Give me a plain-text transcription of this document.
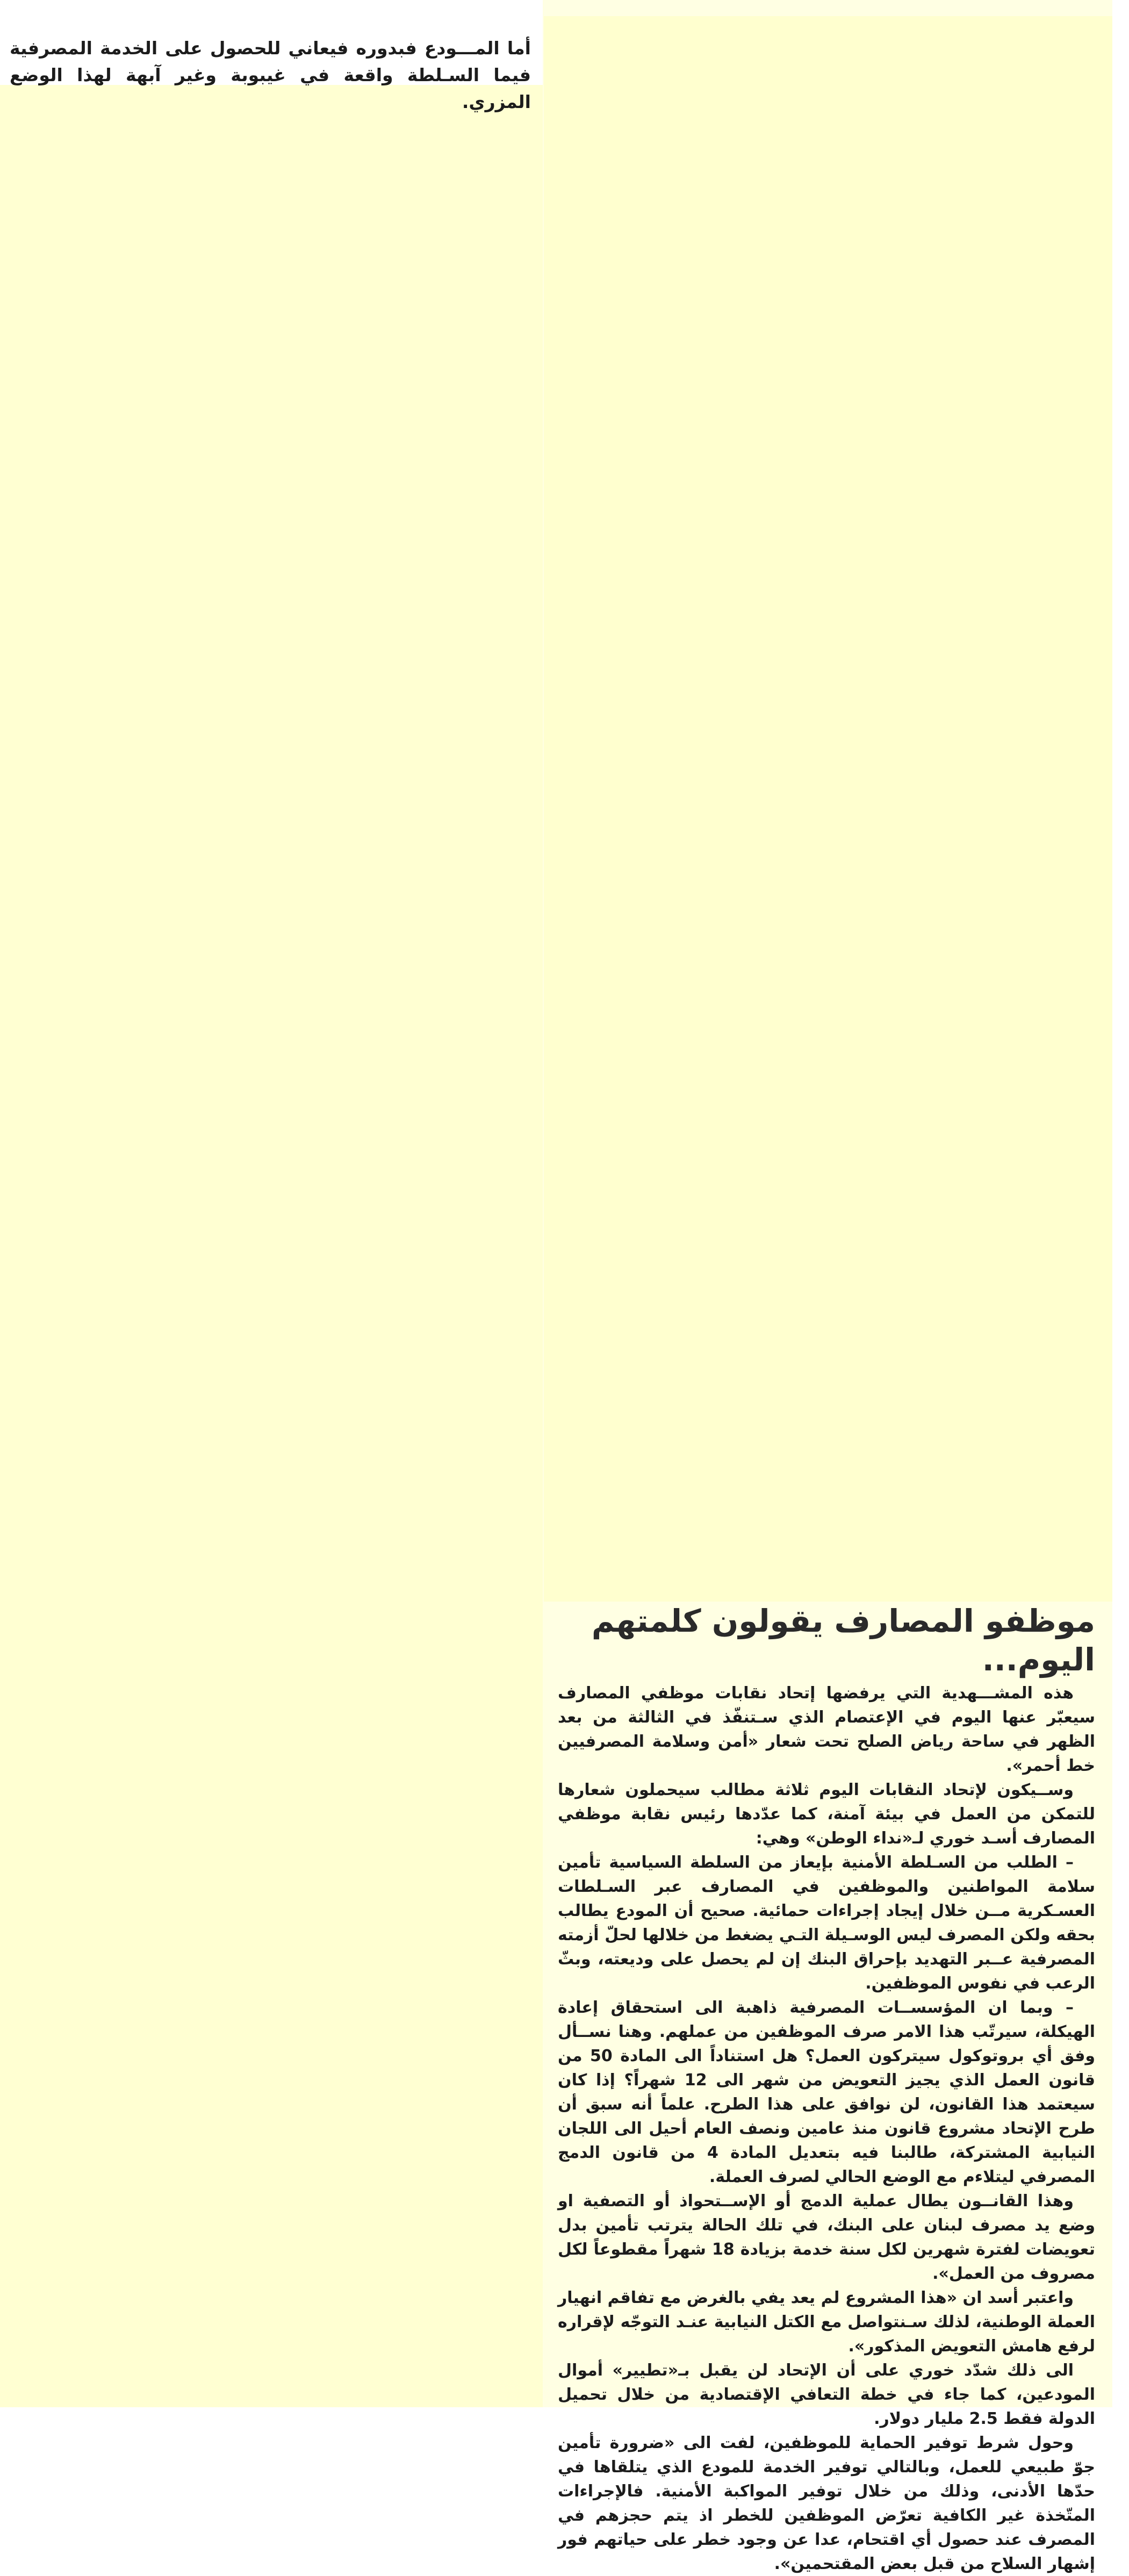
أما المـــودع فبدوره فيعاني للحصول على الخدمة المصرفية فيما السـلطة واقعة في غيبوبة وغير آبهة لهذا الوضع المزري.

موظفو المصارف يقولون كلمتهم اليوم...

هذه المشـــهدية التي يرفضها إتحاد نقابات موظفي المصارف سيعبّر عنها اليوم في الإعتصام الذي سـتنفّذ في الثالثة من بعد الظهر في ساحة رياض الصلح تحت شعار «أمن وسلامة المصرفيين خط أحمر».

وســيكون لإتحاد النقابات اليوم ثلاثة مطالب سيحملون شعارها للتمكن من العمل في بيئة آمنة، كما عدّدها رئيس نقابة موظفي المصارف أسـد خوري لـ«نداء الوطن» وهي:

– الطلب من السـلطة الأمنية بإيعاز من السلطة السياسية تأمين سلامة المواطنين والموظفين في المصارف عبر السـلطات العسـكرية مــن خلال إيجاد إجراءات حمائية. صحيح أن المودع يطالب بحقه ولكن المصرف ليس الوسـيلة التـي يضغط من خلالها لحلّ أزمته المصرفية عــبر التهديد بإحراق البنك إن لم يحصل على وديعته، وبثّ الرعب في نفوس الموظفين.

– وبما ان المؤسســات المصرفية ذاهبة الى استحقاق إعادة الهيكلة، سيرتّب هذا الامر صرف الموظفين من عملهم. وهنا نســأل وفق أي بروتوكول سيتركون العمل؟ هل استناداً الى المادة 50 من قانون العمل الذي يجيز التعويض من شهر الى 12 شهراً؟ إذا كان سيعتمد هذا القانون، لن نوافق على هذا الطرح. علماً أنه سبق أن طرح الإتحاد مشروع قانون منذ عامين ونصف العام أحيل الى اللجان النيابية المشتركة، طالبنا فيه بتعديل المادة 4 من قانون الدمج المصرفي ليتلاءم مع الوضع الحالي لصرف العملة.

وهذا القانــون يطال عملية الدمج أو الإســتحواذ أو التصفية او وضع يد مصرف لبنان على البنك، في تلك الحالة يترتب تأمين بدل تعويضات لفترة شهرين لكل سنة خدمة بزيادة 18 شهراً مقطوعاً لكل مصروف من العمل».

واعتبر أسد ان «هذا المشروع لم يعد يفي بالغرض مع تفاقم انهيار العملة الوطنية، لذلك سـنتواصل مع الكتل النيابية عنـد التوجّه لإقراره لرفع هامش التعويض المذكور».

الى ذلك شدّد خوري على أن الإتحاد لن يقبل بـ«تطيير» أموال المودعين، كما جاء في خطة التعافي الإقتصادية من خلال تحميل الدولة فقط 2.5 مليار دولار.

وحول شرط توفير الحماية للموظفين، لفت الى «ضرورة تأمين جوّ طبيعي للعمل، وبالتالي توفير الخدمة للمودع الذي يتلقاها في حدّها الأدنى، وذلك من خلال توفير المواكبة الأمنية. فالإجراءات المتّخذة غير الكافية تعرّض الموظفين للخطر اذ يتم حجزهم في المصرف عند حصول أي اقتحام، عدا عن وجود خطر على حياتهم فور إشهار السلاح من قبل بعض المقتحمين».
